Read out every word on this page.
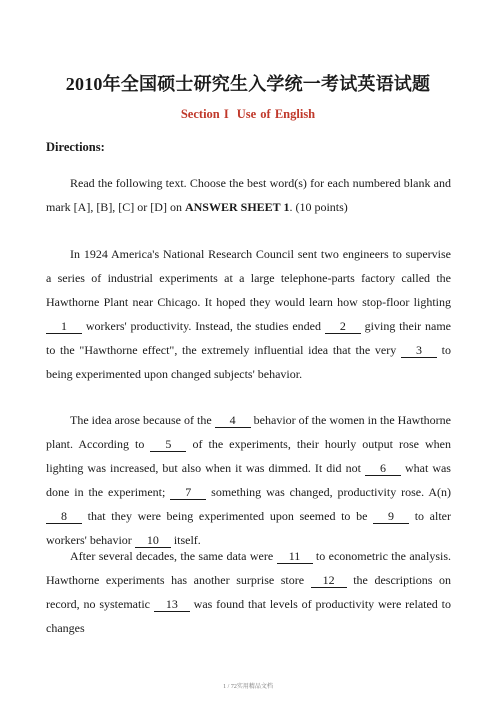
2010年全国硕士研究生入学统一考试英语试题
Section I Use of English
Directions:

Read the following text. Choose the best word(s) for each numbered blank and mark [A], [B], [C] or [D] on ANSWER SHEET 1. (10 points)

In 1924 America's National Research Council sent two engineers to supervise a series of industrial experiments at a large telephone-parts factory called the Hawthorne Plant near Chicago. It hoped they would learn how stop-floor lighting 1 workers' productivity. Instead, the studies ended 2 giving their name to the "Hawthorne effect", the extremely influential idea that the very 3 to being experimented upon changed subjects' behavior.

The idea arose because of the 4 behavior of the women in the Hawthorne plant. According to 5 of the experiments, their hourly output rose when lighting was increased, but also when it was dimmed. It did not 6 what was done in the experiment; 7 something was changed, productivity rose. A(n) 8 that they were being experimented upon seemed to be 9 to alter workers' behavior 10 itself.

After several decades, the same data were 11 to econometric the analysis. Hawthorne experiments has another surprise store 12 the descriptions on record, no systematic 13 was found that levels of productivity were related to changes

1 / 72实用精品文档
